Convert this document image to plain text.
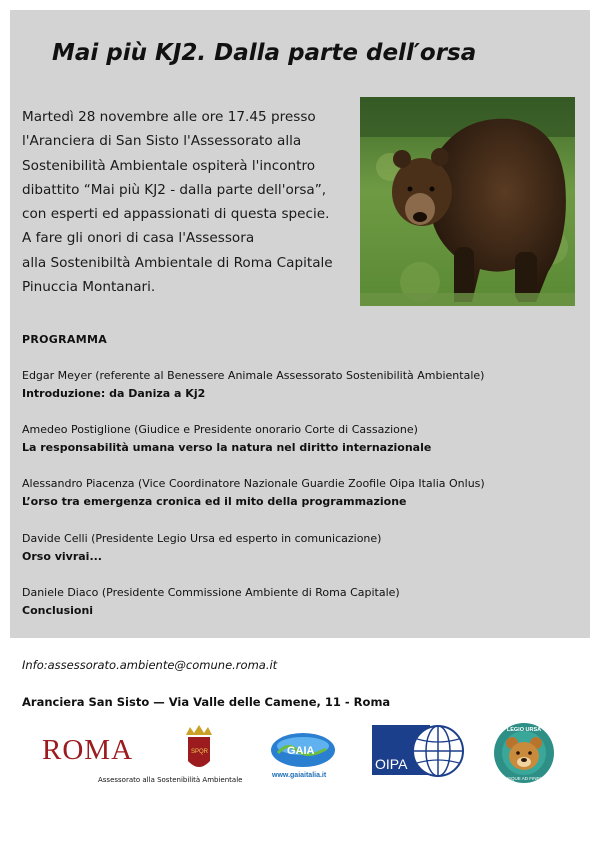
Mai più KJ2. Dalla parte dell′orsa
Martedì 28 novembre alle ore 17.45 presso
l'Aranciera di San Sisto l'Assessorato alla
Sostenibilità Ambientale ospiterà l'incontro
dibattito “Mai più KJ2 - dalla parte dell'orsa”,
con esperti ed appassionati di questa specie.
A fare gli onori di casa l'Assessora
alla Sostenibiltà Ambientale di Roma Capitale
Pinuccia Montanari.
PROGRAMMA
Edgar Meyer (referente al Benessere Animale Assessorato Sostenibilità Ambientale)
Introduzione: da Daniza a Kj2
Amedeo Postiglione (Giudice e Presidente onorario Corte di Cassazione)
La responsabilità umana verso la natura nel diritto internazionale
Alessandro Piacenza (Vice Coordinatore Nazionale Guardie Zoofile Oipa Italia Onlus)
L’orso tra emergenza cronica ed il mito della programmazione
Davide Celli (Presidente Legio Ursa ed esperto in comunicazione)
Orso vivrai...
Daniele Diaco (Presidente Commissione Ambiente di Roma Capitale)
Conclusioni
Info:assessorato.ambiente@comune.roma.it
Aranciera San Sisto — Via Valle delle Camene, 11 - Roma
ROMA	SPQR
Assessorato alla Sostenibilità Ambientale
GAIA
www.gaiaitalia.it
OIPA
LEGIO URSA
USQUE AD FINEM
